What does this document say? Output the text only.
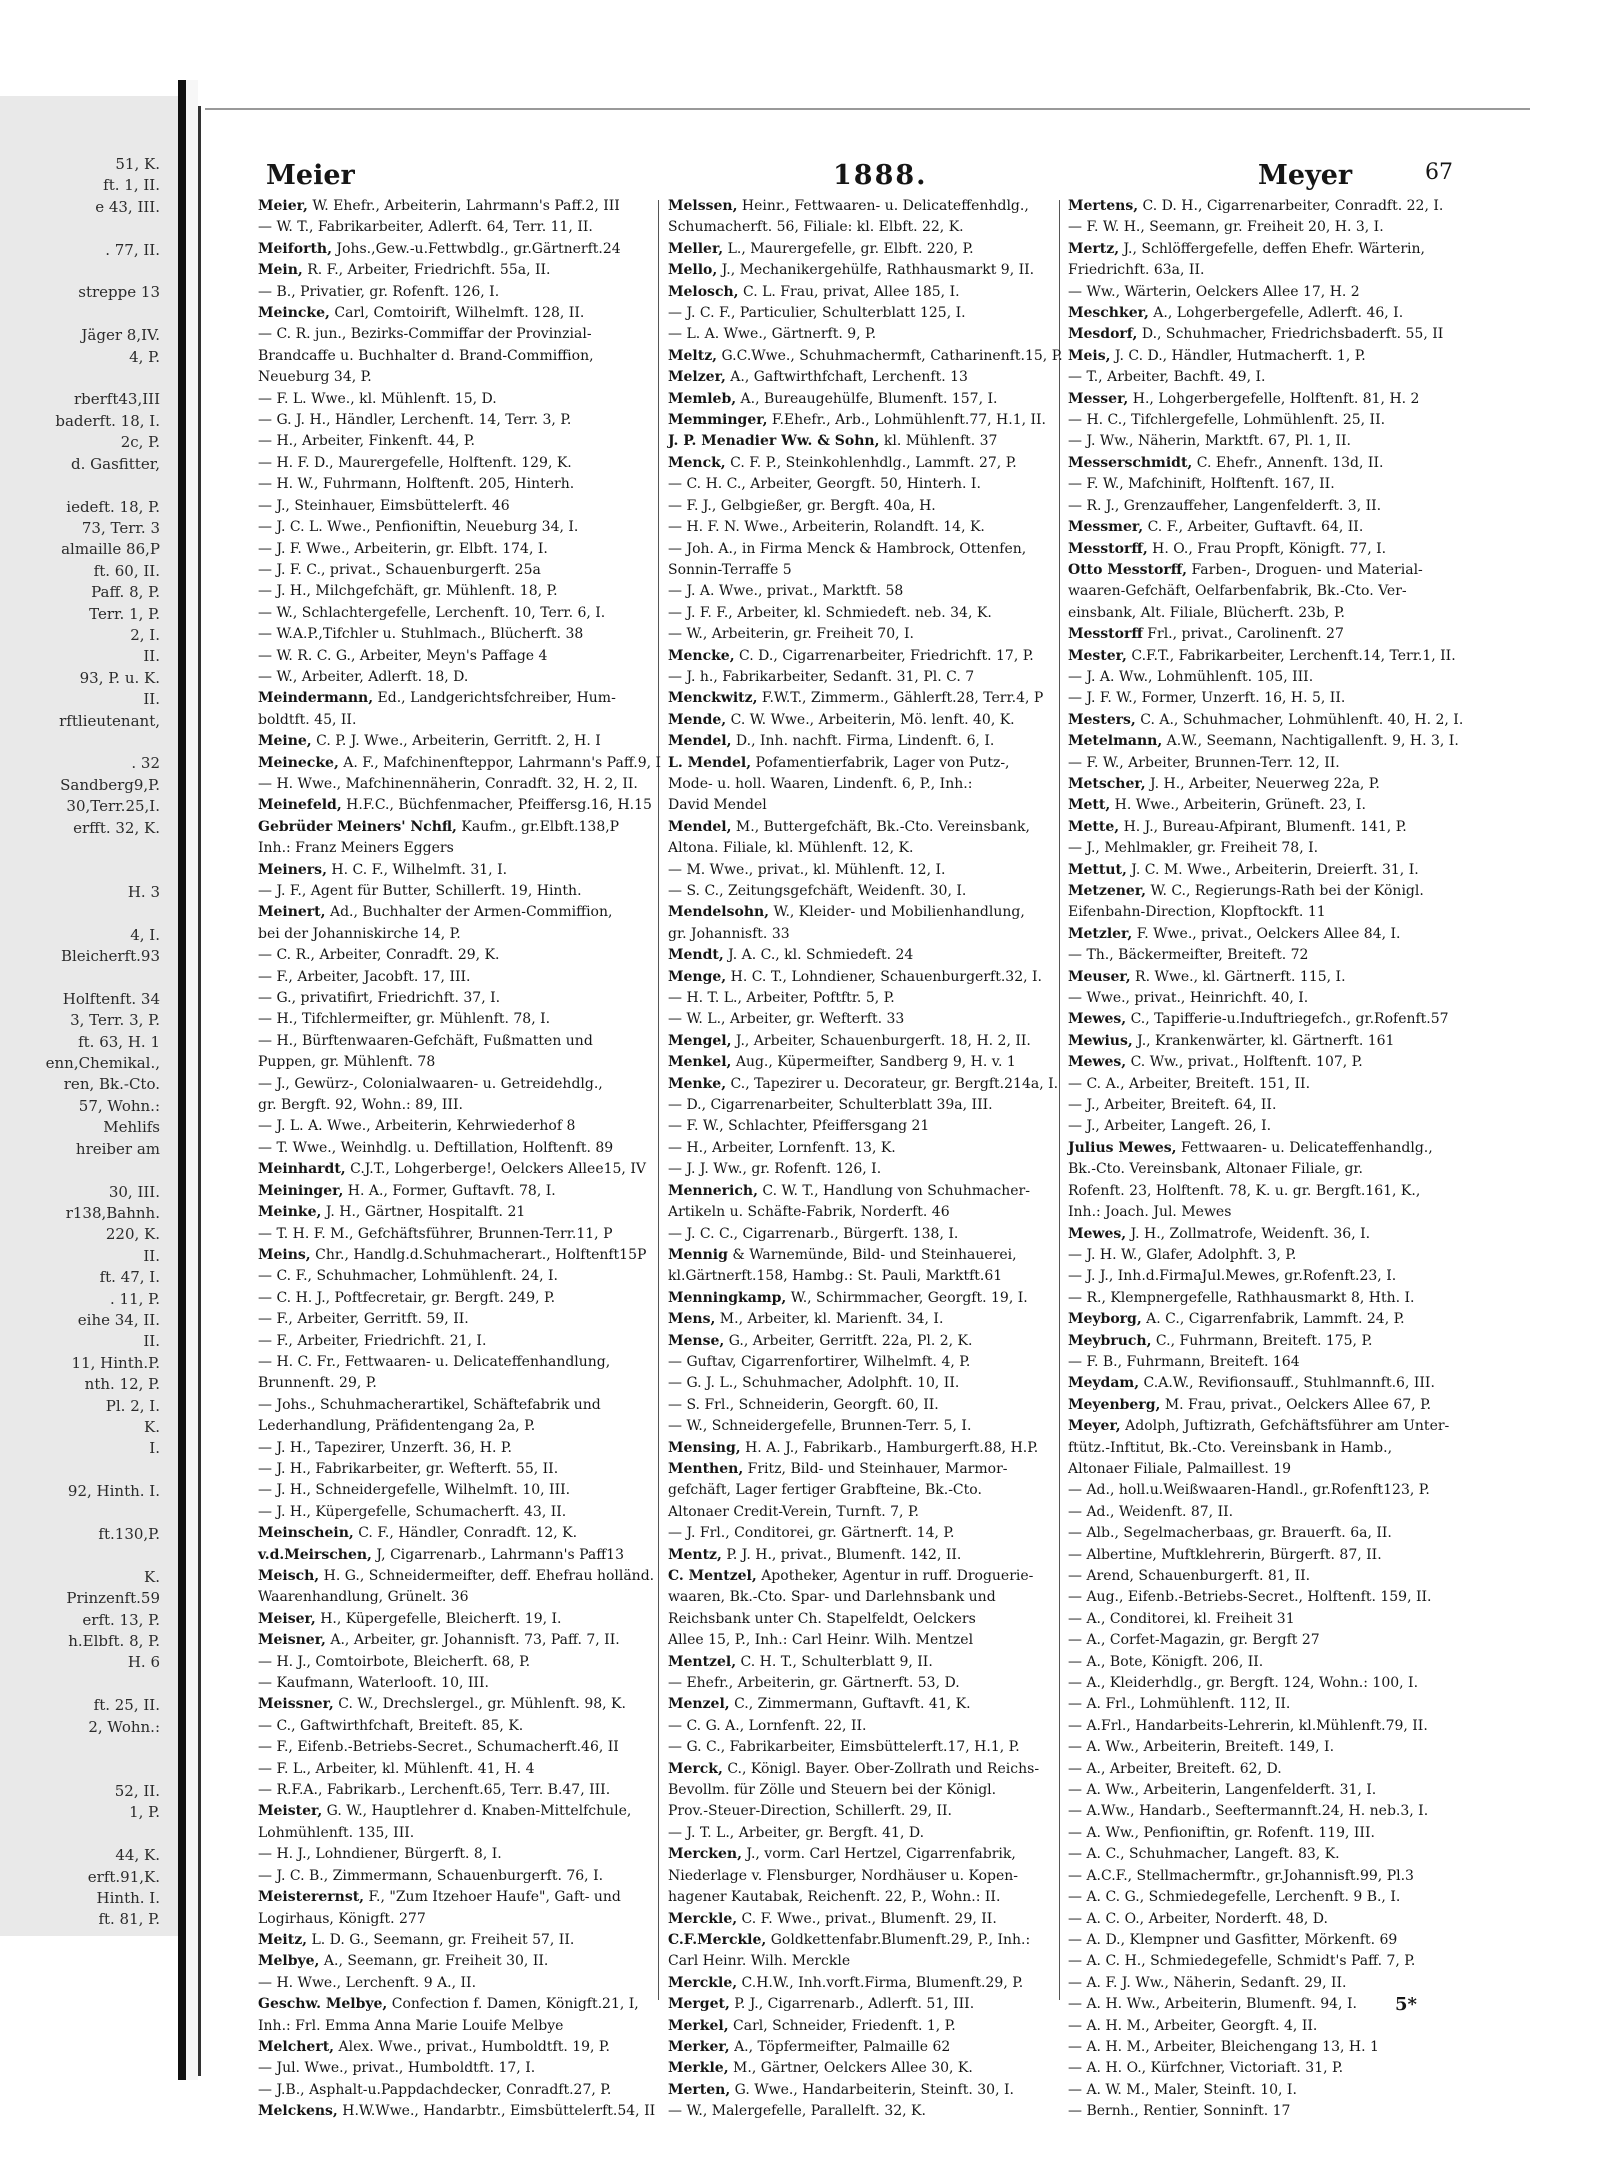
51, K.
ft. 1, II.
e 43, III.

. 77, II.

streppe 13

Jäger 8,IV.
4, P.

rberft43,III
baderft. 18, I.
2c, P.
d. Gasfitter,

iedeft. 18, P.
73, Terr. 3
almaille 86,P
ft. 60, II.
Paff. 8, P.
Terr. 1, P.
2, I.
II.
93, P. u. K.
II.
rftlieutenant,

. 32
Sandberg9,P.
30,Terr.25,I.
erfft. 32, K.

H. 3

4, I.
Bleicherft.93

Holftenft. 34
3, Terr. 3, P.
ft. 63, H. 1
enn,Chemikal.,
ren, Bk.-Cto.
57, Wohn.:
Mehlifs
hreiber am

30, III.
r138,Bahnh.
220, K.
II.
ft. 47, I.
. 11, P.
eihe 34, II.
II.
11, Hinth.P.
nth. 12, P.
Pl. 2, I.
K.
I.

92, Hinth. I.

ft.130,P.

K.
Prinzenft.59
erft. 13, P.
h.Elbft. 8, P.
H. 6

ft. 25, II.
2, Wohn.:

52, II.
1, P.

44, K.
erft.91,K.
Hinth. I.
ft. 81, P.
Meier	1888.	Meyer	67
Meier, W. Ehefr., Arbeiterin, Lahrmann's Paff.2, III
— W. T., Fabrikarbeiter, Adlerft. 64, Terr. 11, II.
Meiforth, Johs.,Gew.-u.Fettwbdlg., gr.Gärtnerft.24
Mein, R. F., Arbeiter, Friedrichft. 55a, II.
— B., Privatier, gr. Rofenft. 126, I.
Meincke, Carl, Comtoirift, Wilhelmft. 128, II.
— C. R. jun., Bezirks-Commiffar der Provinzial-
Brandcaffe u. Buchhalter d. Brand-Commiffion,
Neueburg 34, P.
— F. L. Wwe., kl. Mühlenft. 15, D.
— G. J. H., Händler, Lerchenft. 14, Terr. 3, P.
— H., Arbeiter, Finkenft. 44, P.
— H. F. D., Maurergefelle, Holftenft. 129, K.
— H. W., Fuhrmann, Holftenft. 205, Hinterh.
— J., Steinhauer, Eimsbüttelerft. 46
— J. C. L. Wwe., Penfioniftin, Neueburg 34, I.
— J. F. Wwe., Arbeiterin, gr. Elbft. 174, I.
— J. F. C., privat., Schauenburgerft. 25a
— J. H., Milchgefchäft, gr. Mühlenft. 18, P.
— W., Schlachtergefelle, Lerchenft. 10, Terr. 6, I.
— W.A.P.,Tifchler u. Stuhlmach., Blücherft. 38
— W. R. C. G., Arbeiter, Meyn's Paffage 4
— W., Arbeiter, Adlerft. 18, D.
Meindermann, Ed., Landgerichtsfchreiber, Hum-
boldtft. 45, II.
Meine, C. P. J. Wwe., Arbeiterin, Gerritft. 2, H. I
Meinecke, A. F., Mafchinenfteppor, Lahrmann's Paff.9, I
— H. Wwe., Mafchinennäherin, Conradft. 32, H. 2, II.
Meinefeld, H.F.C., Büchfenmacher, Pfeiffersg.16, H.15
Gebrüder Meiners' Nchfl, Kaufm., gr.Elbft.138,P
Inh.: Franz Meiners Eggers
Meiners, H. C. F., Wilhelmft. 31, I.
— J. F., Agent für Butter, Schillerft. 19, Hinth.
Meinert, Ad., Buchhalter der Armen-Commiffion,
bei der Johanniskirche 14, P.
— C. R., Arbeiter, Conradft. 29, K.
— F., Arbeiter, Jacobft. 17, III.
— G., privatifirt, Friedrichft. 37, I.
— H., Tifchlermeifter, gr. Mühlenft. 78, I.
— H., Bürftenwaaren-Gefchäft, Fußmatten und
Puppen, gr. Mühlenft. 78
— J., Gewürz-, Colonialwaaren- u. Getreidehdlg.,
gr. Bergft. 92, Wohn.: 89, III.
— J. L. A. Wwe., Arbeiterin, Kehrwiederhof 8
— T. Wwe., Weinhdlg. u. Deftillation, Holftenft. 89
Meinhardt, C.J.T., Lohgerberge!, Oelckers Allee15, IV
Meininger, H. A., Former, Guftavft. 78, I.
Meinke, J. H., Gärtner, Hospitalft. 21
— T. H. F. M., Gefchäftsführer, Brunnen-Terr.11, P
Meins, Chr., Handlg.d.Schuhmacherart., Holftenft15P
— C. F., Schuhmacher, Lohmühlenft. 24, I.
— C. H. J., Poftfecretair, gr. Bergft. 249, P.
— F., Arbeiter, Gerritft. 59, II.
— F., Arbeiter, Friedrichft. 21, I.
— H. C. Fr., Fettwaaren- u. Delicateffenhandlung,
Brunnenft. 29, P.
— Johs., Schuhmacherartikel, Schäftefabrik und
Lederhandlung, Präfidentengang 2a, P.
— J. H., Tapezirer, Unzerft. 36, H. P.
— J. H., Fabrikarbeiter, gr. Wefterft. 55, II.
— J. H., Schneidergefelle, Wilhelmft. 10, III.
— J. H., Küpergefelle, Schumacherft. 43, II.
Meinschein, C. F., Händler, Conradft. 12, K.
v.d.Meirschen, J, Cigarrenarb., Lahrmann's Paff13
Meisch, H. G., Schneidermeifter, deff. Ehefrau holländ.
Waarenhandlung, Grünelt. 36
Meiser, H., Küpergefelle, Bleicherft. 19, I.
Meisner, A., Arbeiter, gr. Johannisft. 73, Paff. 7, II.
— H. J., Comtoirbote, Bleicherft. 68, P.
— Kaufmann, Waterlooft. 10, III.
Meissner, C. W., Drechslergel., gr. Mühlenft. 98, K.
— C., Gaftwirthfchaft, Breiteft. 85, K.
— F., Eifenb.-Betriebs-Secret., Schumacherft.46, II
— F. L., Arbeiter, kl. Mühlenft. 41, H. 4
— R.F.A., Fabrikarb., Lerchenft.65, Terr. B.47, III.
Meister, G. W., Hauptlehrer d. Knaben-Mittelfchule,
Lohmühlenft. 135, III.
— H. J., Lohndiener, Bürgerft. 8, I.
— J. C. B., Zimmermann, Schauenburgerft. 76, I.
Meisterernst, F., "Zum Itzehoer Haufe", Gaft- und
Logirhaus, Königft. 277
Meitz, L. D. G., Seemann, gr. Freiheit 57, II.
Melbye, A., Seemann, gr. Freiheit 30, II.
— H. Wwe., Lerchenft. 9 A., II.
Geschw. Melbye, Confection f. Damen, Königft.21, I,
Inh.: Frl. Emma Anna Marie Louife Melbye
Melchert, Alex. Wwe., privat., Humboldtft. 19, P.
— Jul. Wwe., privat., Humboldtft. 17, I.
— J.B., Asphalt-u.Pappdachdecker, Conradft.27, P.
Melckens, H.W.Wwe., Handarbtr., Eimsbüttelerft.54, II
Melssen, Heinr., Fettwaaren- u. Delicateffenhdlg.,
Schumacherft. 56, Filiale: kl. Elbft. 22, K.
Meller, L., Maurergefelle, gr. Elbft. 220, P.
Mello, J., Mechanikergehülfe, Rathhausmarkt 9, II.
Melosch, C. L. Frau, privat, Allee 185, I.
— J. C. F., Particulier, Schulterblatt 125, I.
— L. A. Wwe., Gärtnerft. 9, P.
Meltz, G.C.Wwe., Schuhmachermft, Catharinenft.15, P.
Melzer, A., Gaftwirthfchaft, Lerchenft. 13
Memleb, A., Bureaugehülfe, Blumenft. 157, I.
Memminger, F.Ehefr., Arb., Lohmühlenft.77, H.1, II.
J. P. Menadier Ww. & Sohn, kl. Mühlenft. 37
Menck, C. F. P., Steinkohlenhdlg., Lammft. 27, P.
— C. H. C., Arbeiter, Georgft. 50, Hinterh. I.
— F. J., Gelbgießer, gr. Bergft. 40a, H.
— H. F. N. Wwe., Arbeiterin, Rolandft. 14, K.
— Joh. A., in Firma Menck & Hambrock, Ottenfen,
Sonnin-Terraffe 5
— J. A. Wwe., privat., Marktft. 58
— J. F. F., Arbeiter, kl. Schmiedeft. neb. 34, K.
— W., Arbeiterin, gr. Freiheit 70, I.
Mencke, C. D., Cigarrenarbeiter, Friedrichft. 17, P.
— J. h., Fabrikarbeiter, Sedanft. 31, Pl. C. 7
Menckwitz, F.W.T., Zimmerm., Gählerft.28, Terr.4, P
Mende, C. W. Wwe., Arbeiterin, Mö. lenft. 40, K.
Mendel, D., Inh. nachft. Firma, Lindenft. 6, I.
L. Mendel, Pofamentierfabrik, Lager von Putz-,
Mode- u. holl. Waaren, Lindenft. 6, P., Inh.:
David Mendel
Mendel, M., Buttergefchäft, Bk.-Cto. Vereinsbank,
Altona. Filiale, kl. Mühlenft. 12, K.
— M. Wwe., privat., kl. Mühlenft. 12, I.
— S. C., Zeitungsgefchäft, Weidenft. 30, I.
Mendelsohn, W., Kleider- und Mobilienhandlung,
gr. Johannisft. 33
Mendt, J. A. C., kl. Schmiedeft. 24
Menge, H. C. T., Lohndiener, Schauenburgerft.32, I.
— H. T. L., Arbeiter, Poftftr. 5, P.
— W. L., Arbeiter, gr. Wefterft. 33
Mengel, J., Arbeiter, Schauenburgerft. 18, H. 2, II.
Menkel, Aug., Küpermeifter, Sandberg 9, H. v. 1
Menke, C., Tapezirer u. Decorateur, gr. Bergft.214a, I.
— D., Cigarrenarbeiter, Schulterblatt 39a, III.
— F. W., Schlachter, Pfeiffersgang 21
— H., Arbeiter, Lornfenft. 13, K.
— J. J. Ww., gr. Rofenft. 126, I.
Mennerich, C. W. T., Handlung von Schuhmacher-
Artikeln u. Schäfte-Fabrik, Norderft. 46
— J. C. C., Cigarrenarb., Bürgerft. 138, I.
Mennig & Warnemünde, Bild- und Steinhauerei,
kl.Gärtnerft.158, Hambg.: St. Pauli, Marktft.61
Menningkamp, W., Schirmmacher, Georgft. 19, I.
Mens, M., Arbeiter, kl. Marienft. 34, I.
Mense, G., Arbeiter, Gerritft. 22a, Pl. 2, K.
— Guftav, Cigarrenfortirer, Wilhelmft. 4, P.
— G. J. L., Schuhmacher, Adolphft. 10, II.
— S. Frl., Schneiderin, Georgft. 60, II.
— W., Schneidergefelle, Brunnen-Terr. 5, I.
Mensing, H. A. J., Fabrikarb., Hamburgerft.88, H.P.
Menthen, Fritz, Bild- und Steinhauer, Marmor-
gefchäft, Lager fertiger Grabfteine, Bk.-Cto.
Altonaer Credit-Verein, Turnft. 7, P.
— J. Frl., Conditorei, gr. Gärtnerft. 14, P.
Mentz, P. J. H., privat., Blumenft. 142, II.
C. Mentzel, Apotheker, Agentur in ruff. Droguerie-
waaren, Bk.-Cto. Spar- und Darlehnsbank und
Reichsbank unter Ch. Stapelfeldt, Oelckers
Allee 15, P., Inh.: Carl Heinr. Wilh. Mentzel
Mentzel, C. H. T., Schulterblatt 9, II.
— Ehefr., Arbeiterin, gr. Gärtnerft. 53, D.
Menzel, C., Zimmermann, Guftavft. 41, K.
— C. G. A., Lornfenft. 22, II.
— G. C., Fabrikarbeiter, Eimsbüttelerft.17, H.1, P.
Merck, C., Königl. Bayer. Ober-Zollrath und Reichs-
Bevollm. für Zölle und Steuern bei der Königl.
Prov.-Steuer-Direction, Schillerft. 29, II.
— J. T. L., Arbeiter, gr. Bergft. 41, D.
Mercken, J., vorm. Carl Hertzel, Cigarrenfabrik,
Niederlage v. Flensburger, Nordhäuser u. Kopen-
hagener Kautabak, Reichenft. 22, P., Wohn.: II.
Merckle, C. F. Wwe., privat., Blumenft. 29, II.
C.F.Merckle, Goldkettenfabr.Blumenft.29, P., Inh.:
Carl Heinr. Wilh. Merckle
Merckle, C.H.W., Inh.vorft.Firma, Blumenft.29, P.
Merget, P. J., Cigarrenarb., Adlerft. 51, III.
Merkel, Carl, Schneider, Friedenft. 1, P.
Merker, A., Töpfermeifter, Palmaille 62
Merkle, M., Gärtner, Oelckers Allee 30, K.
Merten, G. Wwe., Handarbeiterin, Steinft. 30, I.
— W., Malergefelle, Parallelft. 32, K.
Mertens, C. D. H., Cigarrenarbeiter, Conradft. 22, I.
— F. W. H., Seemann, gr. Freiheit 20, H. 3, I.
Mertz, J., Schlöffergefelle, deffen Ehefr. Wärterin,
Friedrichft. 63a, II.
— Ww., Wärterin, Oelckers Allee 17, H. 2
Meschker, A., Lohgerbergefelle, Adlerft. 46, I.
Mesdorf, D., Schuhmacher, Friedrichsbaderft. 55, II
Meis, J. C. D., Händler, Hutmacherft. 1, P.
— T., Arbeiter, Bachft. 49, I.
Messer, H., Lohgerbergefelle, Holftenft. 81, H. 2
— H. C., Tifchlergefelle, Lohmühlenft. 25, II.
— J. Ww., Näherin, Marktft. 67, Pl. 1, II.
Messerschmidt, C. Ehefr., Annenft. 13d, II.
— F. W., Mafchinift, Holftenft. 167, II.
— R. J., Grenzauffeher, Langenfelderft. 3, II.
Messmer, C. F., Arbeiter, Guftavft. 64, II.
Messtorff, H. O., Frau Propft, Königft. 77, I.
Otto Messtorff, Farben-, Droguen- und Material-
waaren-Gefchäft, Oelfarbenfabrik, Bk.-Cto. Ver-
einsbank, Alt. Filiale, Blücherft. 23b, P.
Messtorff Frl., privat., Carolinenft. 27
Mester, C.F.T., Fabrikarbeiter, Lerchenft.14, Terr.1, II.
— J. A. Ww., Lohmühlenft. 105, III.
— J. F. W., Former, Unzerft. 16, H. 5, II.
Mesters, C. A., Schuhmacher, Lohmühlenft. 40, H. 2, I.
Metelmann, A.W., Seemann, Nachtigallenft. 9, H. 3, I.
— F. W., Arbeiter, Brunnen-Terr. 12, II.
Metscher, J. H., Arbeiter, Neuerweg 22a, P.
Mett, H. Wwe., Arbeiterin, Grüneft. 23, I.
Mette, H. J., Bureau-Afpirant, Blumenft. 141, P.
— J., Mehlmakler, gr. Freiheit 78, I.
Mettut, J. C. M. Wwe., Arbeiterin, Dreierft. 31, I.
Metzener, W. C., Regierungs-Rath bei der Königl.
Eifenbahn-Direction, Klopftockft. 11
Metzler, F. Wwe., privat., Oelckers Allee 84, I.
— Th., Bäckermeifter, Breiteft. 72
Meuser, R. Wwe., kl. Gärtnerft. 115, I.
— Wwe., privat., Heinrichft. 40, I.
Mewes, C., Tapifferie-u.Induftriegefch., gr.Rofenft.57
Mewius, J., Krankenwärter, kl. Gärtnerft. 161
Mewes, C. Ww., privat., Holftenft. 107, P.
— C. A., Arbeiter, Breiteft. 151, II.
— J., Arbeiter, Breiteft. 64, II.
— J., Arbeiter, Langeft. 26, I.
Julius Mewes, Fettwaaren- u. Delicateffenhandlg.,
Bk.-Cto. Vereinsbank, Altonaer Filiale, gr.
Rofenft. 23, Holftenft. 78, K. u. gr. Bergft.161, K.,
Inh.: Joach. Jul. Mewes
Mewes, J. H., Zollmatrofe, Weidenft. 36, I.
— J. H. W., Glafer, Adolphft. 3, P.
— J. J., Inh.d.FirmaJul.Mewes, gr.Rofenft.23, I.
— R., Klempnergefelle, Rathhausmarkt 8, Hth. I.
Meyborg, A. C., Cigarrenfabrik, Lammft. 24, P.
Meybruch, C., Fuhrmann, Breiteft. 175, P.
— F. B., Fuhrmann, Breiteft. 164
Meydam, C.A.W., Revifionsauff., Stuhlmannft.6, III.
Meyenberg, M. Frau, privat., Oelckers Allee 67, P.
Meyer, Adolph, Juftizrath, Gefchäftsführer am Unter-
ftütz.-Inftitut, Bk.-Cto. Vereinsbank in Hamb.,
Altonaer Filiale, Palmaillest. 19
— Ad., holl.u.Weißwaaren-Handl., gr.Rofenft123, P.
— Ad., Weidenft. 87, II.
— Alb., Segelmacherbaas, gr. Brauerft. 6a, II.
— Albertine, Muftklehrerin, Bürgerft. 87, II.
— Arend, Schauenburgerft. 81, II.
— Aug., Eifenb.-Betriebs-Secret., Holftenft. 159, II.
— A., Conditorei, kl. Freiheit 31
— A., Corfet-Magazin, gr. Bergft 27
— A., Bote, Königft. 206, II.
— A., Kleiderhdlg., gr. Bergft. 124, Wohn.: 100, I.
— A. Frl., Lohmühlenft. 112, II.
— A.Frl., Handarbeits-Lehrerin, kl.Mühlenft.79, II.
— A. Ww., Arbeiterin, Breiteft. 149, I.
— A., Arbeiter, Breiteft. 62, D.
— A. Ww., Arbeiterin, Langenfelderft. 31, I.
— A.Ww., Handarb., Seeftermannft.24, H. neb.3, I.
— A. Ww., Penfioniftin, gr. Rofenft. 119, III.
— A. C., Schuhmacher, Langeft. 83, K.
— A.C.F., Stellmachermftr., gr.Johannisft.99, Pl.3
— A. C. G., Schmiedegefelle, Lerchenft. 9 B., I.
— A. C. O., Arbeiter, Norderft. 48, D.
— A. D., Klempner und Gasfitter, Mörkenft. 69
— A. C. H., Schmiedegefelle, Schmidt's Paff. 7, P.
— A. F. J. Ww., Näherin, Sedanft. 29, II.
— A. H. Ww., Arbeiterin, Blumenft. 94, I.
— A. H. M., Arbeiter, Georgft. 4, II.
— A. H. M., Arbeiter, Bleichengang 13, H. 1
— A. H. O., Kürfchner, Victoriaft. 31, P.
— A. W. M., Maler, Steinft. 10, I.
— Bernh., Rentier, Sonninft. 17
5*
